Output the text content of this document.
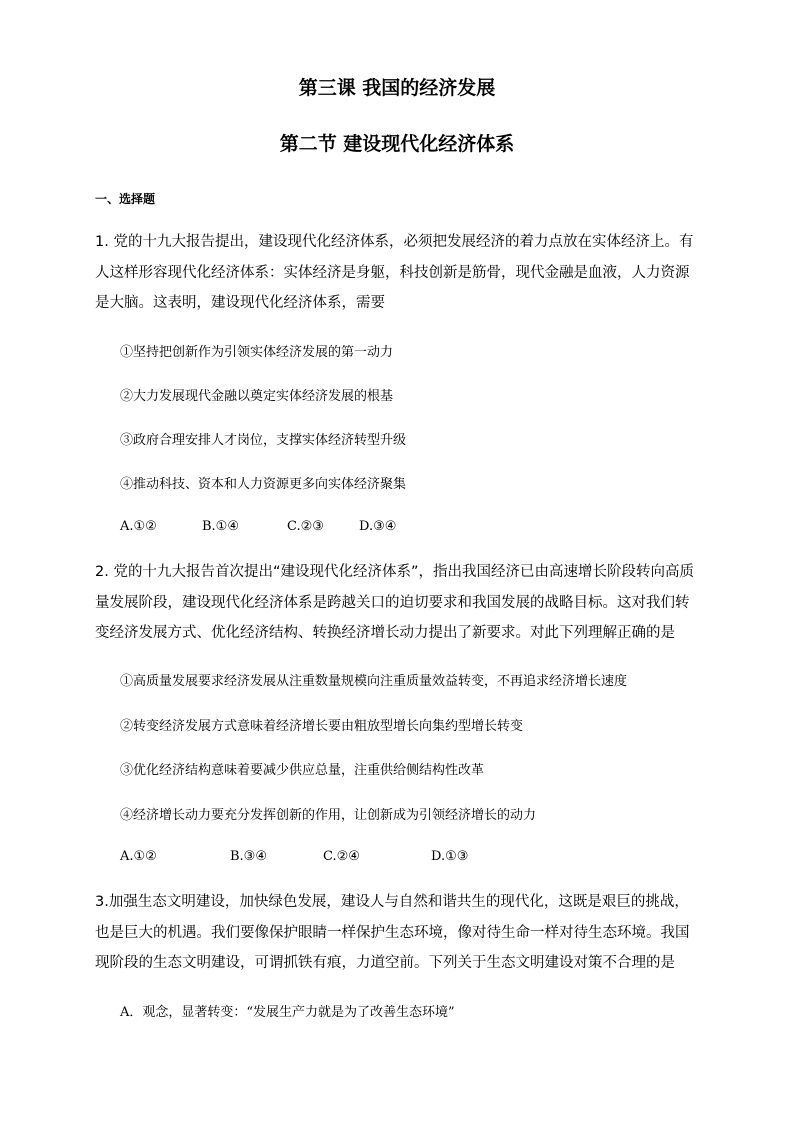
第三课 我国的经济发展
第二节 建设现代化经济体系
一、选择题

1. 党的十九大报告提出，建设现代化经济体系，必须把发展经济的着力点放在实体经济上。有人这样形容现代化经济体系：实体经济是身躯，科技创新是筋骨，现代金融是血液，人力资源是大脑。这表明，建设现代化经济体系，需要

①坚持把创新作为引领实体经济发展的第一动力
②大力发展现代金融以奠定实体经济发展的根基
③政府合理安排人才岗位，支撑实体经济转型升级
④推动科技、资本和人力资源更多向实体经济聚集
A.①②	B.①④	C.②③	D.③④

2. 党的十九大报告首次提出“建设现代化经济体系”，指出我国经济已由高速增长阶段转向高质量发展阶段，建设现代化经济体系是跨越关口的迫切要求和我国发展的战略目标。这对我们转变经济发展方式、优化经济结构、转换经济增长动力提出了新要求。对此下列理解正确的是

①高质量发展要求经济发展从注重数量规模向注重质量效益转变，不再追求经济增长速度
②转变经济发展方式意味着经济增长要由粗放型增长向集约型增长转变
③优化经济结构意味着要减少供应总量，注重供给侧结构性改革
④经济增长动力要充分发挥创新的作用，让创新成为引领经济增长的动力
A.①②	B.③④	C.②④	D.①③

3.加强生态文明建设，加快绿色发展，建设人与自然和谐共生的现代化，这既是艰巨的挑战，也是巨大的机遇。我们要像保护眼睛一样保护生态环境，像对待生命一样对待生态环境。我国现阶段的生态文明建设，可谓抓铁有痕，力道空前。下列关于生态文明建设对策不合理的是

A．观念，显著转变：“发展生产力就是为了改善生态环境”
